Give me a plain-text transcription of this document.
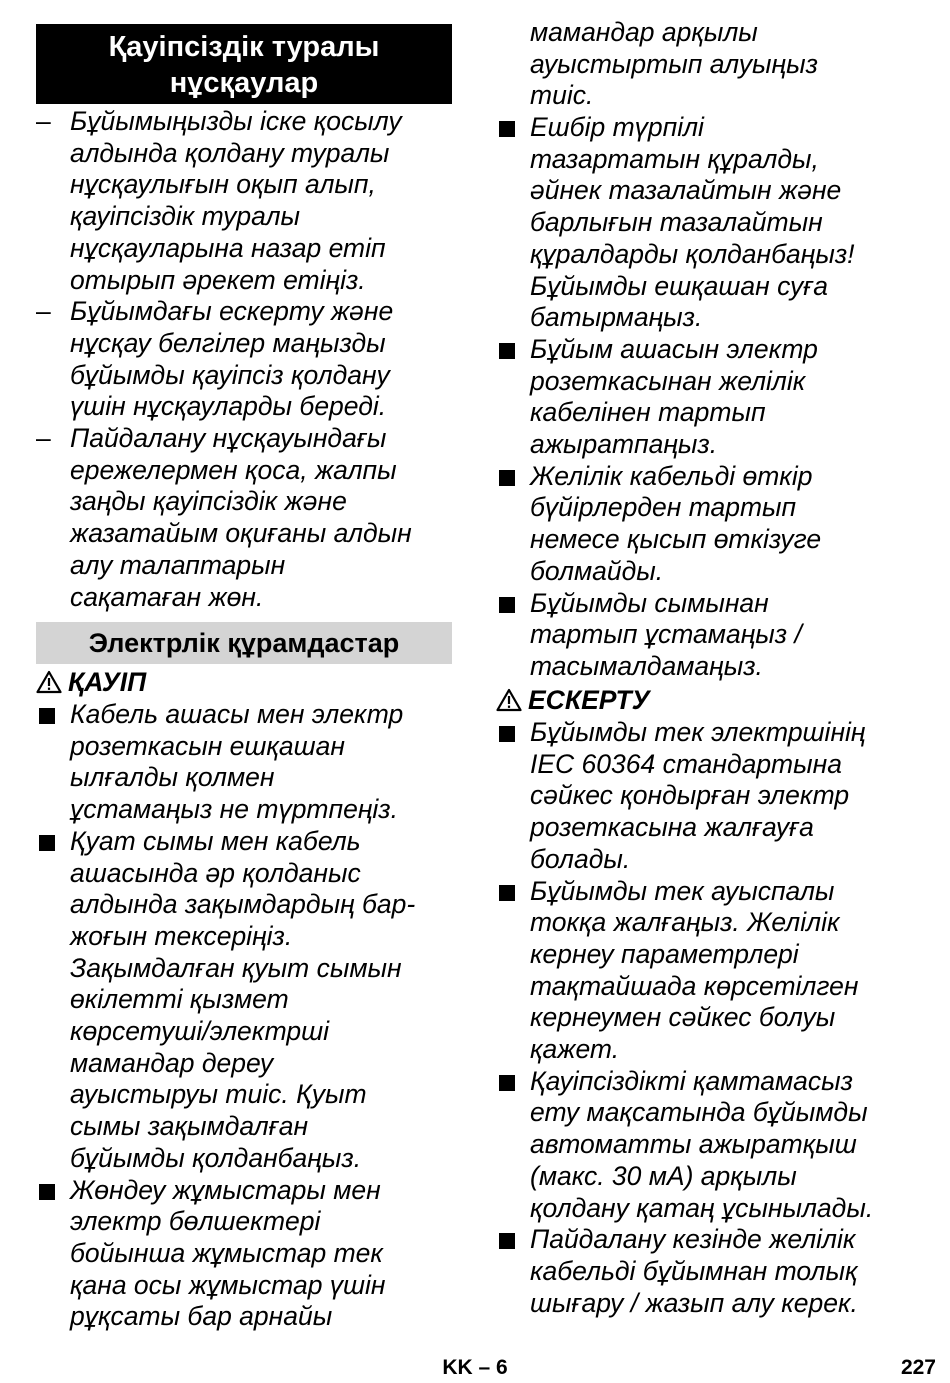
Қауіпсіздік туралы
нұсқаулар
– Бұйымыңызды іске қосылу
алдында қолдану туралы
нұсқаулығын оқып алып,
қауіпсіздік туралы
нұсқауларына назар етіп
отырып әрекет етіңіз.
– Бұйымдағы ескерту және
нұсқау белгілер маңызды
бұйымды қауіпсіз қолдану
үшін нұсқауларды береді.
– Пайдалану нұсқауындағы
ережелермен қоса, жалпы
заңды қауіпсіздік және
жазатайым оқиғаны алдын
алу талаптарын
сақатаған жөн.
Электрлік құрамдастар
ҚАУІП
Кабель ашасы мен электр
розеткасын ешқашан
ылғалды қолмен
ұстамаңыз не түртпеңіз.
Қуат сымы мен кабель
ашасында әр қолданыс
алдында зақымдардың бар-
жоғын тексеріңіз.
Зақымдалған қуыт сымын
өкілетті қызмет
көрсетуші/электрші
мамандар дереу
ауыстыруы тиіс. Қуыт
сымы зақымдалған
бұйымды қолданбаңыз.
Жөндеу жұмыстары мен
электр бөлшектері
бойынша жұмыстар тек
қана осы жұмыстар үшін
рұқсаты бар арнайы
мамандар арқылы
ауыстыртып алуыңыз
тиіс.
Ешбір түрпілі
тазартатын құралды,
әйнек тазалайтын және
барлығын тазалайтын
құралдарды қолданбаңыз!
Бұйымды ешқашан суға
батырмаңыз.
Бұйым ашасын электр
розеткасынан желілік
кабелінен тартып
ажыратпаңыз.
Желілік кабельді өткір
бүйірлерден тартып
немесе қысып өткізуге
болмайды.
Бұйымды сымынан
тартып ұстамаңыз /
тасымалдамаңыз.
ЕСКЕРТУ
Бұйымды тек электршінің
IEC 60364 стандартына
сәйкес қондырған электр
розеткасына жалғауға
болады.
Бұйымды тек ауыспалы
токқа жалғаңыз. Желілік
кернеу параметрлері
тақтайшада көрсетілген
кернеумен сәйкес болуы
қажет.
Қауіпсіздікті қамтамасыз
ету мақсатында бұйымды
автоматты ажыратқыш
(макс. 30 мА) арқылы
қолдану қатаң ұсынылады.
Пайдалану кезінде желілік
кабельді бұйымнан толық
шығару / жазып алу керек.
KK – 6	227
